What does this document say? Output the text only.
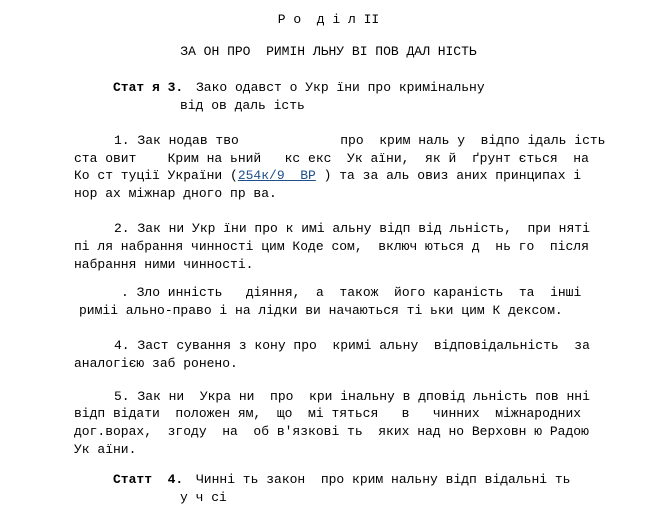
Р о  д і л ІІ
ЗА ОН ПРО  РИМІН ЛЬНУ ВІ ПОВ ДАЛ НІСТЬ
Стат я 3. Зако одавст о Укр їни про кримінальну
від ов даль ість
1. Зак нодав тво             про  крим наль у  відпо ідаль ість
ста овит    Крим на ьний   кс екс  Ук аїни,  як й  ґрунт ється  на
Ко ст туції України (254к/9  ВР ) та за аль овиз аних принципах і
нор ах міжнар дного пр ва.
2. Зак ни Укр їни про к имі альну відп від льність,  при няті
пі ля набрання чинності цим Коде сом,  включ ються д  нь го  після
набрання ними чинності.
. Зло инність   діяння,  а  також  його караність  та  інші
риміі ально-право і на лідки ви начаються ті ьки цим К дексом.
4. Заст сування з кону про  кримі альну  відповідальність  за
аналогією заб ронено.
5. Зак ни  Укра ни  про  кри інальну в дповід льність пов нні
відп відати  положен ям,  що  мі тяться   в   чинних  міжнародних
дог.ворах,  згоду  на  об в'язкові ть  яких над но Верховн ю Радою
Ук аїни.
Статт  4. Чинні ть закон  про крим нальну відп відальні ть
у ч сі
